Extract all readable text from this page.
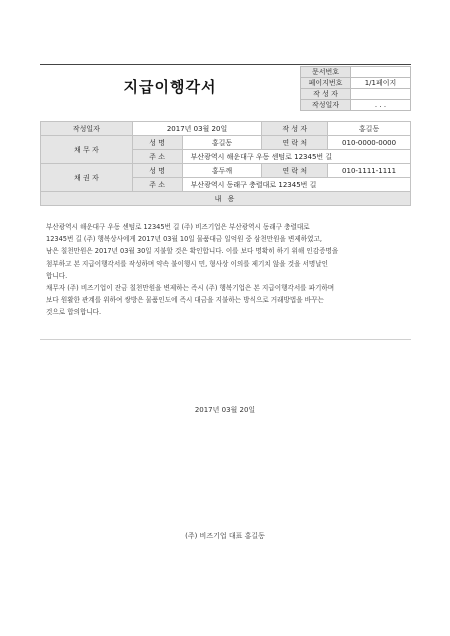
지급이행각서
문서번호	
페이지번호	1/1페이지
작 성 자	
작성일자	. . .
작성일자	2017년 03월 20일		작 성 자	홍길동
채 무 자	성 명	홍길동	연 락 처	010-0000-0000
	주 소	부산광역시 해운대구 우동 센텀로 12345번 길		
채 권 자	성 명	홍두깨	연 락 처	010-1111-1111
	주 소	부산광역시 동래구 충렬대로 12345번 길		
내 용				

부산광역시 해운대구 우동 센텀로 12345번 길 (주) 비즈기업은 부산광역시 동래구 충렬대로

12345번 길 (주) 행복상사에게 2017년 03월 10일 물품대금 일억원 중 삼천만원을 변제하였고,

남은 칠천만원은 2017년 03월 30일 지불할 것은 확인합니다. 이를 보다 명확히 하기 위해 인감증명을

첨부하고 본 지급이행각서를 작성하며 약속 불이행시 민, 형사상 이의를 제기치 않을 것을 서명날인

합니다.

채무자 (주) 비즈기업이 잔금 칠천만원을 변제하는 즉시 (주) 행복기업은 본 지급이행각서를 파기하며

보다 원활한 관계를 위하여 쌍방은 물품인도에 즉시 대금을 지불하는 방식으로 거래방법을 바꾸는

것으로 합의합니다.

2017년 03월 20일
(주) 비즈기업 대표 홍길동
